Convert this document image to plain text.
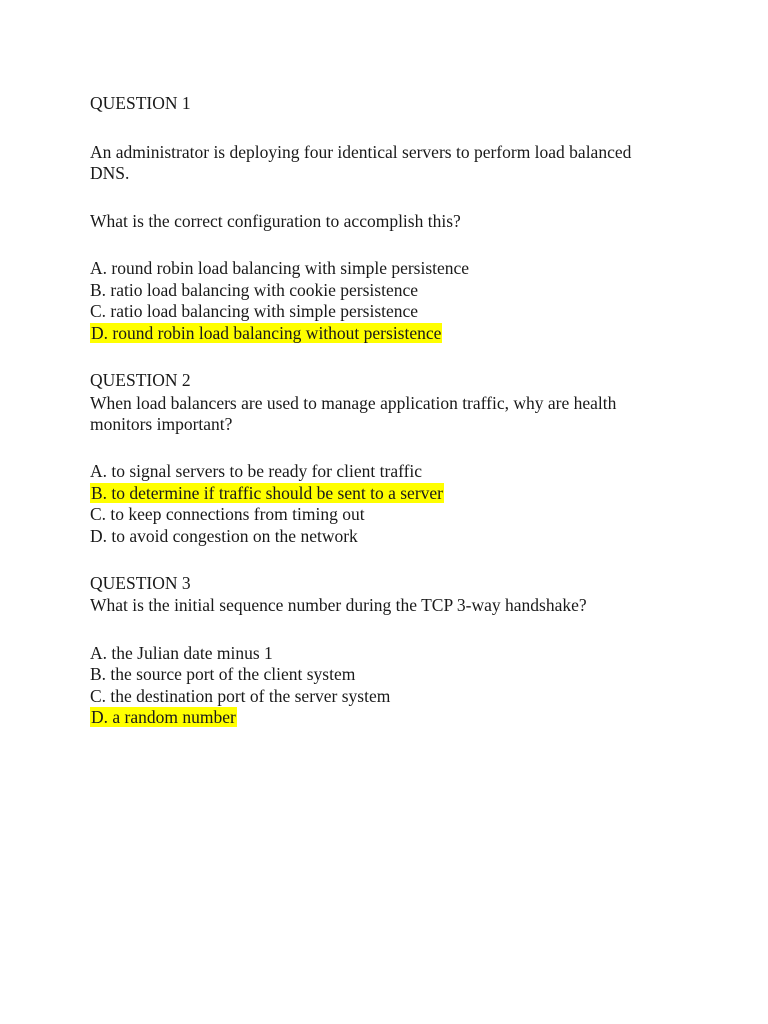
QUESTION 1
An administrator is deploying four identical servers to perform load balanced
DNS.
What is the correct configuration to accomplish this?
A. round robin load balancing with simple persistence
B. ratio load balancing with cookie persistence
C. ratio load balancing with simple persistence
D. round robin load balancing without persistence
QUESTION 2
When load balancers are used to manage application traffic, why are health
monitors important?
A. to signal servers to be ready for client traffic
B. to determine if traffic should be sent to a server
C. to keep connections from timing out
D. to avoid congestion on the network
QUESTION 3
What is the initial sequence number during the TCP 3-way handshake?
A. the Julian date minus 1
B. the source port of the client system
C. the destination port of the server system
D. a random number
